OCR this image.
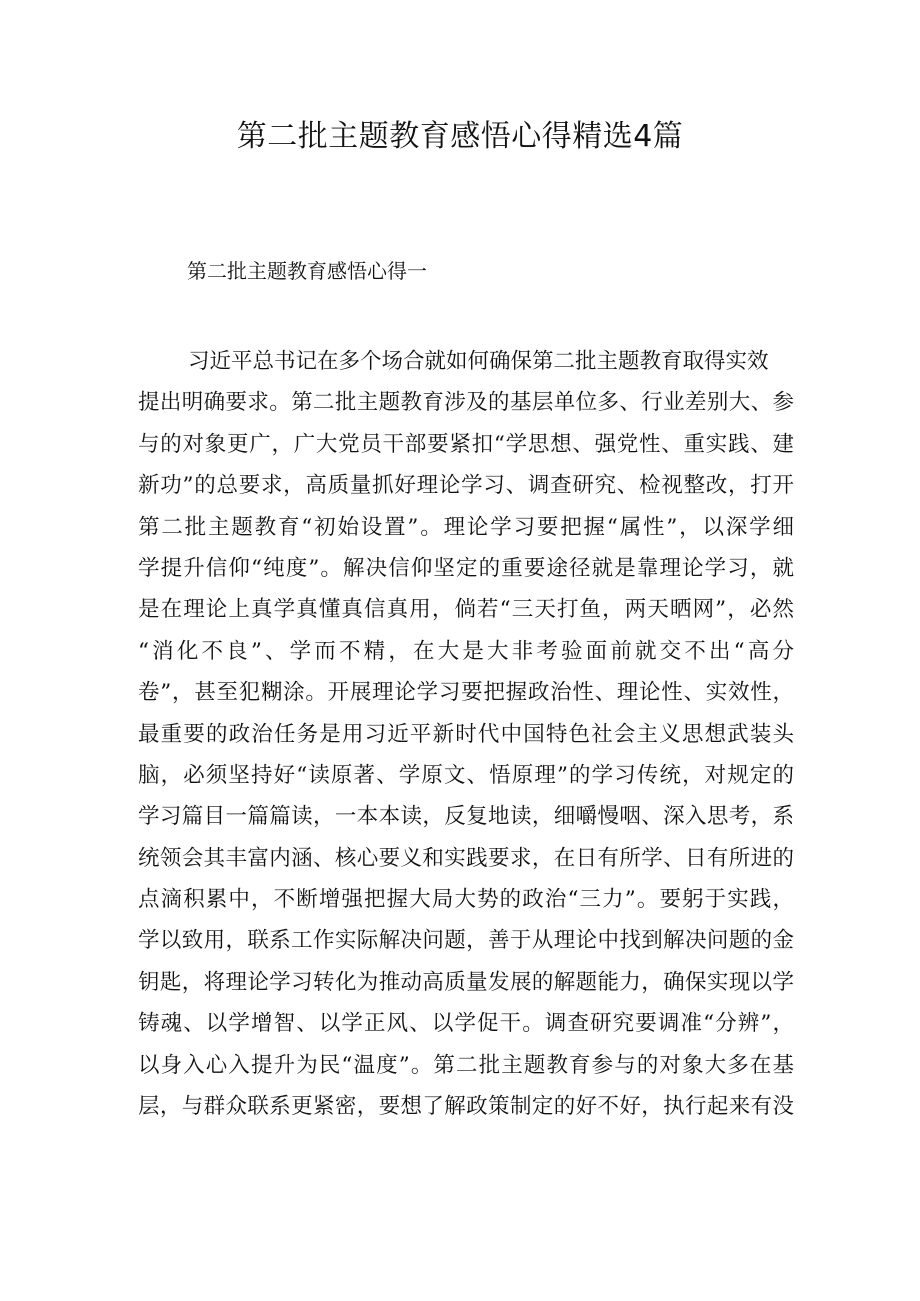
第二批主题教育感悟心得精选4篇
第二批主题教育感悟心得一
习近平总书记在多个场合就如何确保第二批主题教育取得实效
提出明确要求。第二批主题教育涉及的基层单位多、行业差别大、参
与的对象更广，广大党员干部要紧扣“学思想、强党性、重实践、建
新功”的总要求，高质量抓好理论学习、调查研究、检视整改，打开
第二批主题教育“初始设置”。理论学习要把握“属性”，以深学细
学提升信仰“纯度”。解决信仰坚定的重要途径就是靠理论学习，就
是在理论上真学真懂真信真用，倘若“三天打鱼，两天晒网”，必然
“消化不良”、学而不精，在大是大非考验面前就交不出“高分
卷”，甚至犯糊涂。开展理论学习要把握政治性、理论性、实效性，
最重要的政治任务是用习近平新时代中国特色社会主义思想武装头
脑，必须坚持好“读原著、学原文、悟原理”的学习传统，对规定的
学习篇目一篇篇读，一本本读，反复地读，细嚼慢咽、深入思考，系
统领会其丰富内涵、核心要义和实践要求，在日有所学、日有所进的
点滴积累中，不断增强把握大局大势的政治“三力”。要躬于实践，
学以致用，联系工作实际解决问题，善于从理论中找到解决问题的金
钥匙，将理论学习转化为推动高质量发展的解题能力，确保实现以学
铸魂、以学增智、以学正风、以学促干。调查研究要调准“分辨”，
以身入心入提升为民“温度”。第二批主题教育参与的对象大多在基
层，与群众联系更紧密，要想了解政策制定的好不好，执行起来有没
